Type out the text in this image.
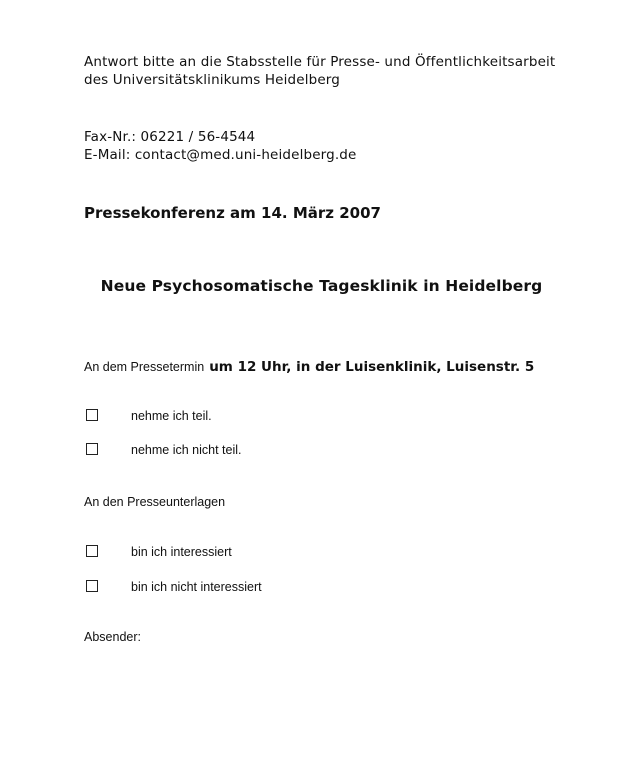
Antwort bitte an die Stabsstelle für Presse- und Öffentlichkeitsarbeit
des Universitätsklinikums Heidelberg
Fax-Nr.: 06221 / 56-4544
E-Mail: contact@med.uni-heidelberg.de
Pressekonferenz am 14. März 2007
Neue Psychosomatische Tagesklinik in Heidelberg
An dem Pressetermin um 12 Uhr, in der Luisenklinik, Luisenstr. 5
nehme ich teil.
nehme ich nicht teil.
An den Presseunterlagen
bin ich interessiert
bin ich nicht interessiert
Absender:
